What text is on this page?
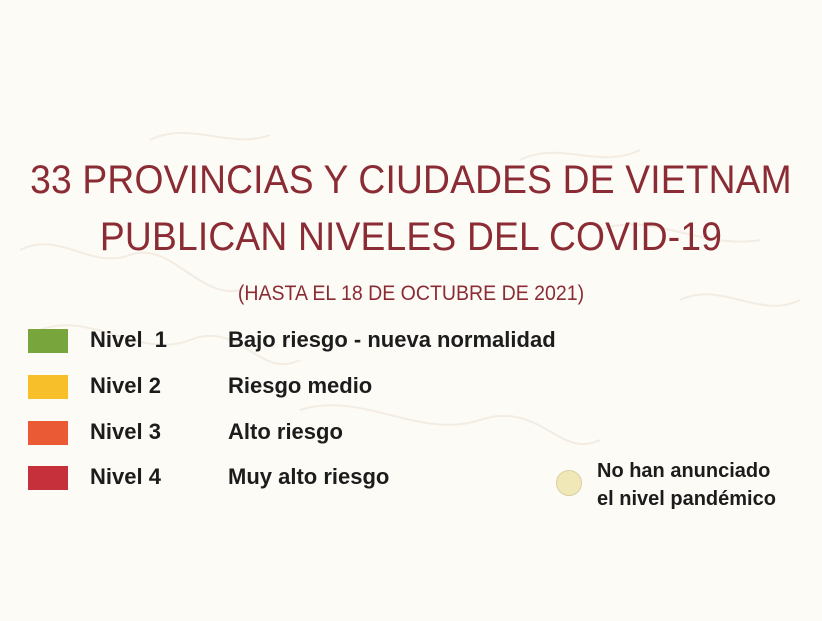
33 PROVINCIAS Y CIUDADES DE VIETNAM
PUBLICAN NIVELES DEL COVID-19
(HASTA EL 18 DE OCTUBRE DE 2021)
Nivel  1	Bajo riesgo - nueva normalidad
Nivel 2	Riesgo medio
Nivel 3	Alto riesgo
Nivel 4	Muy alto riesgo	No han anunciado
el nivel pandémico
